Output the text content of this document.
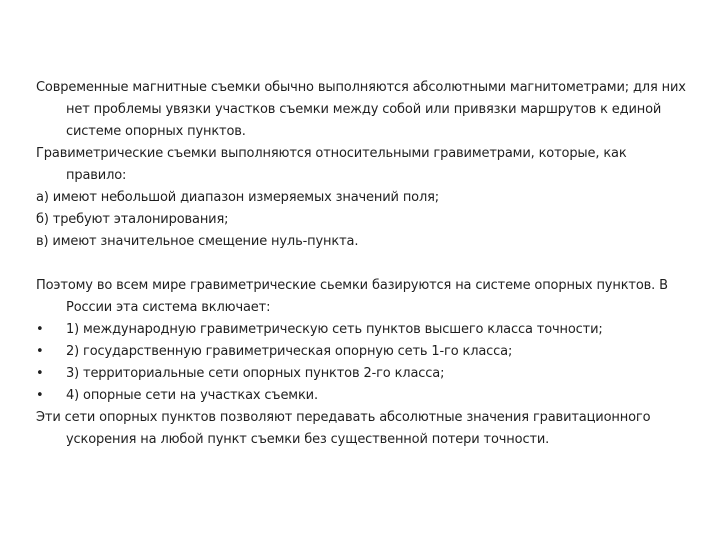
Современные магнитные съемки обычно выполняются абсолютными магнитометрами; для них нет проблемы увязки участков съемки между собой или привязки маршрутов к единой системе опорных пунктов.

Гравиметрические съемки выполняются относительными гравиметрами, которые, как правило:

а) имеют небольшой диапазон измеряемых значений поля;

б) требуют эталонирования;

в) имеют значительное смещение нуль-пункта.

Поэтому во всем мире гравиметрические сьемки базируются на системе опорных пунктов. В России эта система включает:

• 1) международную гравиметрическую сеть пунктов высшего класса точности;

• 2) государственную гравиметрическая опорную сеть 1-го класса;

• 3) территориальные сети опорных пунктов 2-го класса;

• 4) опорные сети на участках съемки.

Эти сети опорных пунктов позволяют передавать абсолютные значения гравитационного ускорения на любой пункт съемки без существенной потери точности.
